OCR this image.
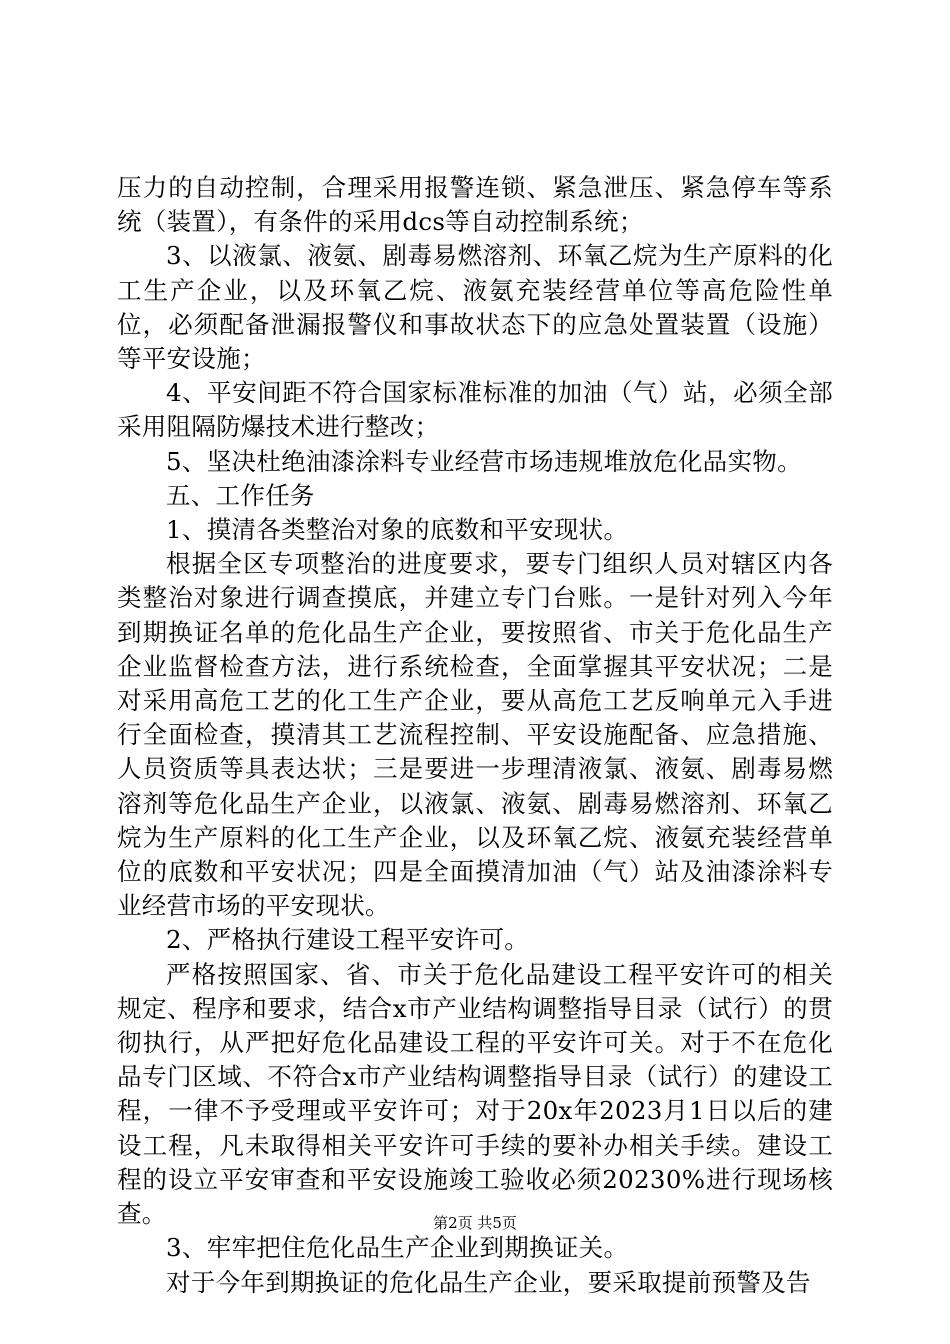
压力的自动控制，合理采用报警连锁、紧急泄压、紧急停车等系统（装置），有条件的采用dcs等自动控制系统；

3、以液氯、液氨、剧毒易燃溶剂、环氧乙烷为生产原料的化工生产企业，以及环氧乙烷、液氨充装经营单位等高危险性单位，必须配备泄漏报警仪和事故状态下的应急处置装置（设施）等平安设施；

4、平安间距不符合国家标准标准的加油（气）站，必须全部采用阻隔防爆技术进行整改；

5、坚决杜绝油漆涂料专业经营市场违规堆放危化品实物。

五、工作任务

1、摸清各类整治对象的底数和平安现状。

根据全区专项整治的进度要求，要专门组织人员对辖区内各类整治对象进行调查摸底，并建立专门台账。一是针对列入今年到期换证名单的危化品生产企业，要按照省、市关于危化品生产企业监督检查方法，进行系统检查，全面掌握其平安状况；二是对采用高危工艺的化工生产企业，要从高危工艺反响单元入手进行全面检查，摸清其工艺流程控制、平安设施配备、应急措施、人员资质等具表达状；三是要进一步理清液氯、液氨、剧毒易燃溶剂等危化品生产企业，以液氯、液氨、剧毒易燃溶剂、环氧乙烷为生产原料的化工生产企业，以及环氧乙烷、液氨充装经营单位的底数和平安状况；四是全面摸清加油（气）站及油漆涂料专业经营市场的平安现状。

2、严格执行建设工程平安许可。

严格按照国家、省、市关于危化品建设工程平安许可的相关规定、程序和要求，结合x市产业结构调整指导目录（试行）的贯彻执行，从严把好危化品建设工程的平安许可关。对于不在危化品专门区域、不符合x市产业结构调整指导目录（试行）的建设工程，一律不予受理或平安许可；对于20x年2023月1日以后的建设工程，凡未取得相关平安许可手续的要补办相关手续。建设工程的设立平安审查和平安设施竣工验收必须20230%进行现场核查。

3、牢牢把住危化品生产企业到期换证关。

对于今年到期换证的危化品生产企业，要采取提前预警及告

第2页 共5页
